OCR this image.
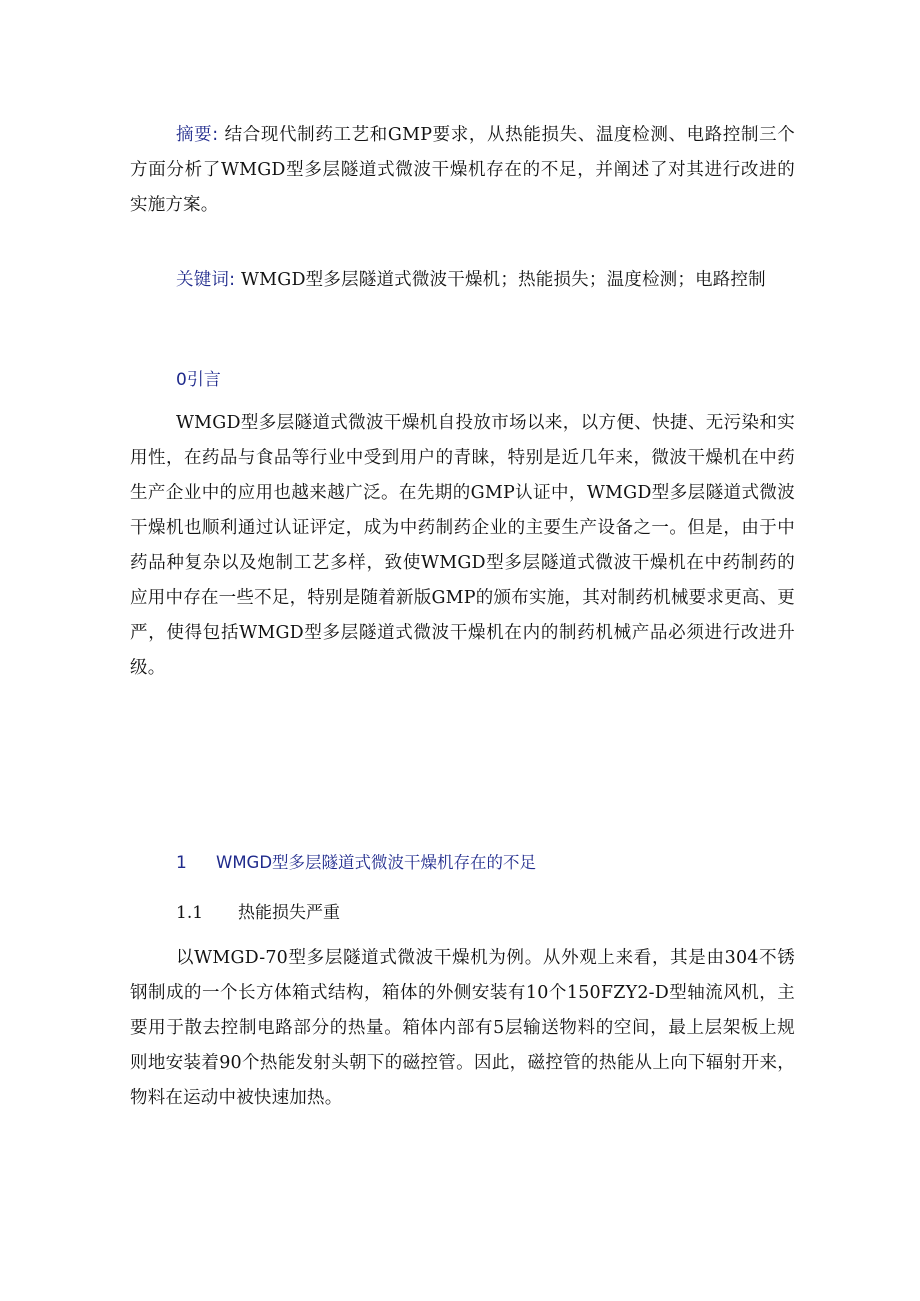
摘要: 结合现代制药工艺和GMP要求，从热能损失、温度检测、电路控制三个方面分析了WMGD型多层隧道式微波干燥机存在的不足，并阐述了对其进行改进的实施方案。

关键词: WMGD型多层隧道式微波干燥机；热能损失；温度检测；电路控制

0引言

WMGD型多层隧道式微波干燥机自投放市场以来，以方便、快捷、无污染和实用性，在药品与食品等行业中受到用户的青睐，特别是近几年来，微波干燥机在中药生产企业中的应用也越来越广泛。在先期的GMP认证中，WMGD型多层隧道式微波干燥机也顺利通过认证评定，成为中药制药企业的主要生产设备之一。但是，由于中药品种复杂以及炮制工艺多样，致使WMGD型多层隧道式微波干燥机在中药制药的应用中存在一些不足，特别是随着新版GMP的颁布实施，其对制药机械要求更高、更严，使得包括WMGD型多层隧道式微波干燥机在内的制药机械产品必须进行改进升级。

1 WMGD型多层隧道式微波干燥机存在的不足
1.1 热能损失严重

以WMGD-70型多层隧道式微波干燥机为例。从外观上来看，其是由304不锈钢制成的一个长方体箱式结构，箱体的外侧安装有10个150FZY2-D型轴流风机，主要用于散去控制电路部分的热量。箱体内部有5层输送物料的空间，最上层架板上规则地安装着90个热能发射头朝下的磁控管。因此，磁控管的热能从上向下辐射开来，物料在运动中被快速加热。
